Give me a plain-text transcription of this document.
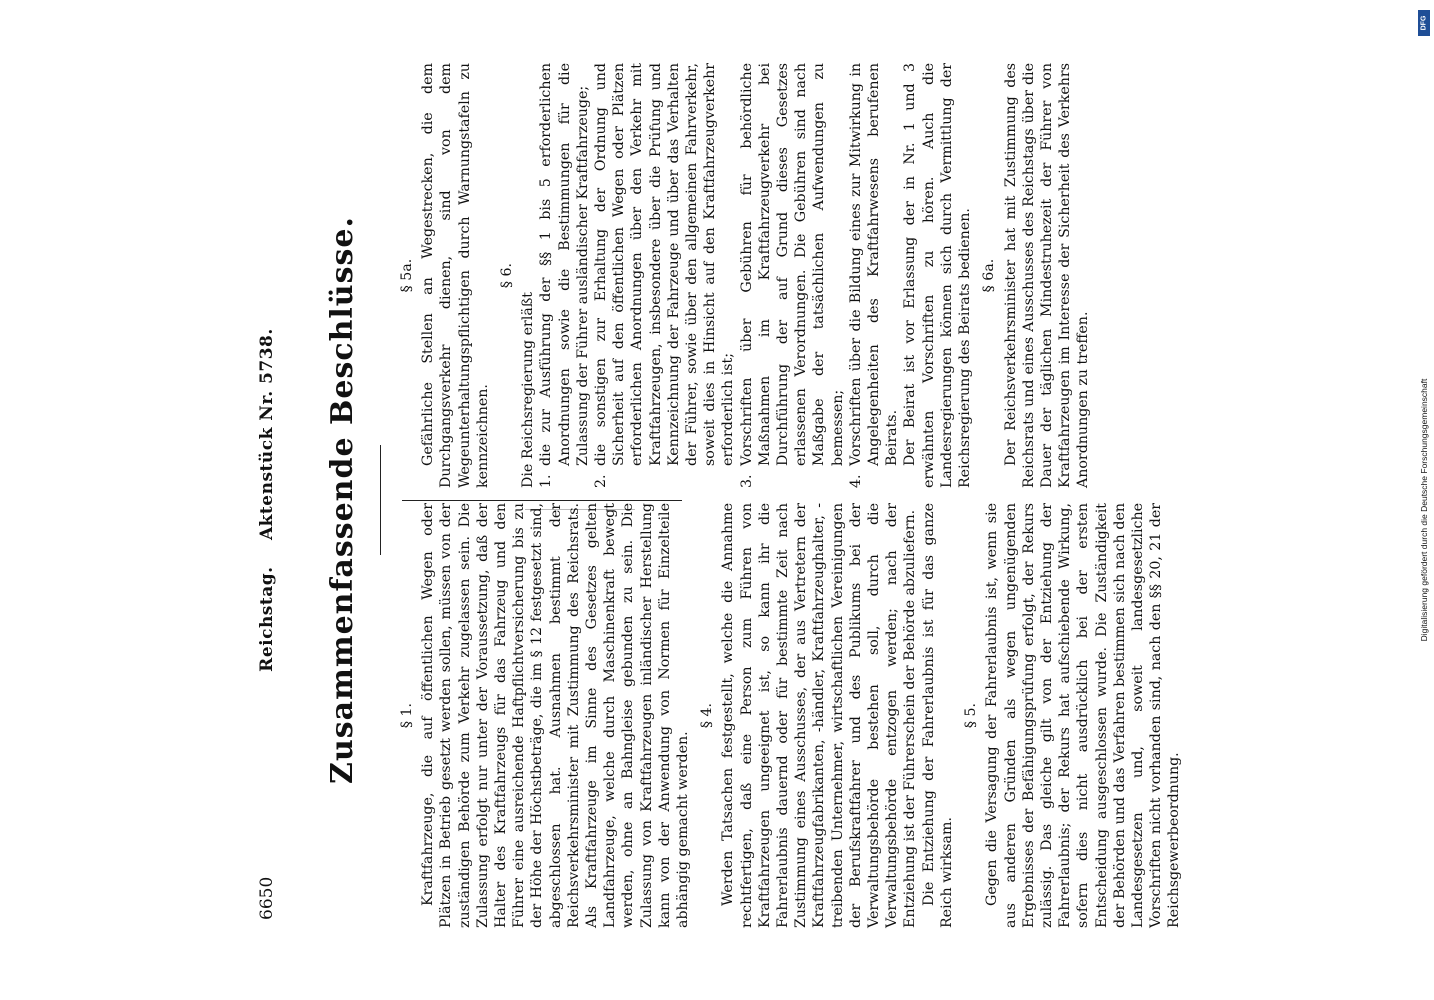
6650
Reichstag. Aktenstück Nr. 5738. Zusammenfassende Beschlüsse.	§ 1. Kraftfahrzeuge, die auf öffentlichen Wegen oder Plätzen in Betrieb gesetzt werden sollen, müssen von der zuständigen Behörde zum Verkehr zugelassen sein. Die Zulassung erfolgt nur unter der Voraussetzung, daß der Halter des Kraftfahrzeugs für das Fahrzeug und den Führer eine ausreichende Haftpflichtversicherung bis zu der Höhe der Höchstbeträge, die im § 12 festgesetzt sind, abgeschlossen hat. Ausnahmen bestimmt der Reichsverkehrsminister mit Zustimmung des Reichsrats. Als Kraftfahrzeuge im Sinne des Gesetzes gelten Landfahrzeuge, welche durch Maschinenkraft bewegt werden, ohne an Bahngleise gebunden zu sein. Die Zulassung von Kraftfahrzeugen inländischer Herstellung kann von der Anwendung von Normen für Einzelteile abhängig gemacht werden.

§ 4. Werden Tatsachen festgestellt, welche die Annahme rechtfertigen, daß eine Person zum Führen von Kraftfahrzeugen ungeeignet ist, so kann ihr die Fahrerlaubnis dauernd oder für bestimmte Zeit nach Zustimmung eines Ausschusses, der aus Vertretern der Kraftfahrzeugfabrikanten, -händler, Kraftfahrzeughalter, -treibenden Unternehmer, wirtschaftlichen Vereinigungen der Berufskraftfahrer und des Publikums bei der Verwaltungsbehörde bestehen soll, durch die Verwaltungsbehörde entzogen werden; nach der Entziehung ist der Führerschein der Behörde abzuliefern. Die Entziehung der Fahrerlaubnis ist für das ganze Reich wirksam.

§ 5. Gegen die Versagung der Fahrerlaubnis ist, wenn sie aus anderen Gründen als wegen ungenügenden Ergebnisses der Befähigungsprüfung erfolgt, der Rekurs zulässig. Das gleiche gilt von der Entziehung der Fahrerlaubnis; der Rekurs hat aufschiebende Wirkung, sofern dies nicht ausdrücklich bei der ersten Entscheidung ausgeschlossen wurde. Die Zuständigkeit der Behörden und das Verfahren bestimmen sich nach den Landesgesetzen und, soweit landesgesetzliche Vorschriften nicht vorhanden sind, nach den §§ 20, 21 der Reichsgewerbeordnung.

§ 5a. Gefährliche Stellen an Wegestrecken, die dem Durchgangsverkehr dienen, sind von dem Wegeunterhaltungspflichtigen durch Warnungstafeln zu kennzeichnen.

§ 6.

Die Reichsregierung erläßt 1.
die zur Ausführung der §§ 1 bis 5 erforderlichen Anordnungen sowie die Bestimmungen für die Zulassung der Führer ausländischer Kraftfahrzeuge;
2.
die sonstigen zur Erhaltung der Ordnung und Sicherheit auf den öffentlichen Wegen oder Plätzen erforderlichen Anordnungen über den Verkehr mit Kraftfahrzeugen, insbesondere über die Prüfung und Kennzeichnung der Fahrzeuge und über das Verhalten der Führer, sowie über den allgemeinen Fahrverkehr, soweit dies in Hinsicht auf den Kraftfahrzeugverkehr erforderlich ist;
3.
Vorschriften über Gebühren für behördliche Maßnahmen im Kraftfahrzeugverkehr bei Durchführung der auf Grund dieses Gesetzes erlassenen Verordnungen. Die Gebühren sind nach Maßgabe der tatsächlichen Aufwendungen zu bemessen;
4.
Vorschriften über die Bildung eines zur Mitwirkung in Angelegenheiten des Kraftfahrwesens berufenen Beirats. Der Beirat ist vor Erlassung der in Nr. 1 und 3 erwähnten Vorschriften zu hören. Auch die Landesregierungen können sich durch Vermittlung der Reichsregierung des Beirats bedienen. § 6a. Der Reichsverkehrsminister hat mit Zustimmung des Reichsrats und eines Ausschusses des Reichstags über die Dauer der täglichen Mindestruhezeit der Führer von Kraftfahrzeugen im Interesse der Sicherheit des Verkehrs Anordnungen zu treffen.

DFG
Digitalisierung gefördert durch die Deutsche Forschungsgemeinschaft
